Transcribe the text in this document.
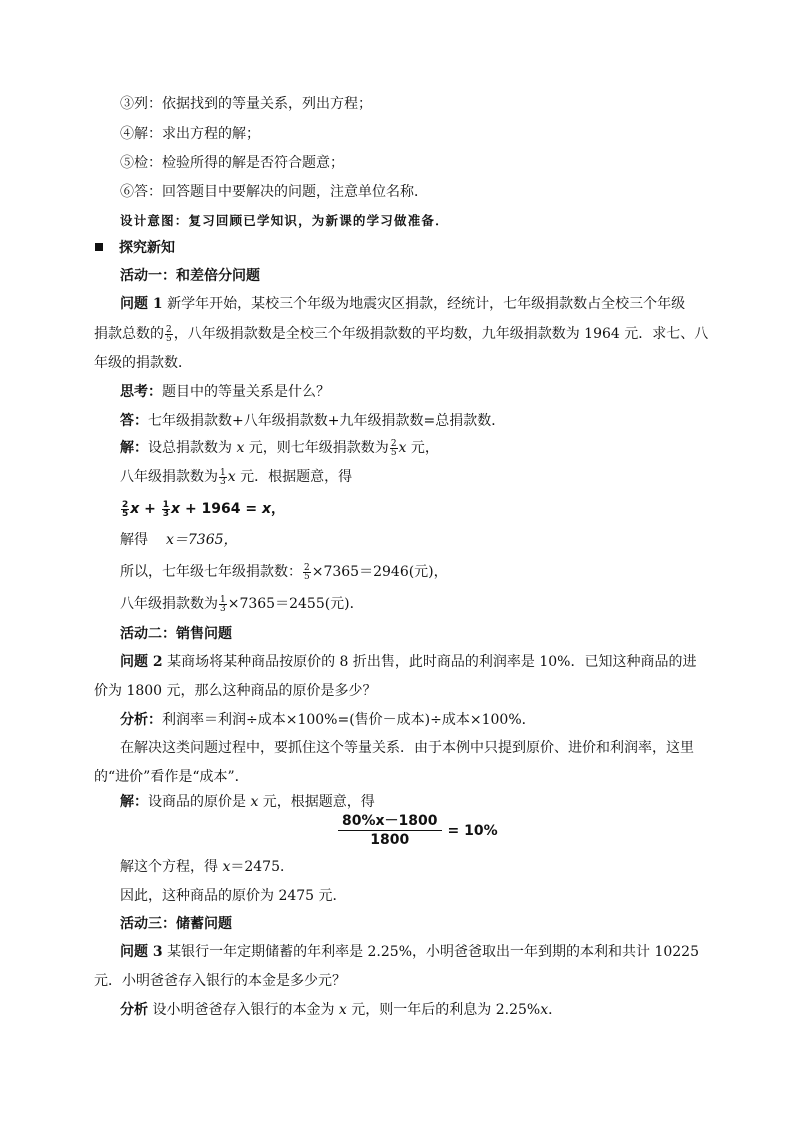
③列：依据找到的等量关系，列出方程；
④解：求出方程的解；
⑤检：检验所得的解是否符合题意；
⑥答：回答题目中要解决的问题，注意单位名称．
设计意图：复习回顾已学知识，为新课的学习做准备．
探究新知
活动一：和差倍分问题
问题 1 新学年开始，某校三个年级为地震灾区捐款，经统计，七年级捐款数占全校三个年级
捐款总数的 $\frac{2}{5}$ ，八年级捐款数是全校三个年级捐款数的平均数，九年级捐款数为 1964 元．求七、八
年级的捐款数．
思考：题目中的等量关系是什么？
答：七年级捐款数+八年级捐款数+九年级捐款数=总捐款数．
解：设总捐款数为 x 元，则七年级捐款数为 $\frac{2}{5}$ x 元，
八年级捐款数为 $\frac{1}{3}$ x 元．根据题意，得
$\frac{2}{5}$ $x + \frac{1}{3}$ x + 1964 = x，
解得 x＝7365，
所以，七年级七年级捐款数： $\frac{2}{5} \times 7365=2946$(元)，
八年级捐款数为 $\frac{1}{3} \times 7365=2455$(元)．
活动二：销售问题
问题 2 某商场将某种商品按原价的 8 折出售，此时商品的利润率是 10%．已知这种商品的进
价为 1800 元，那么这种商品的原价是多少？
分析：利润率＝利润÷成本×100%=(售价－成本)÷成本×100%．
在解决这类问题过程中，要抓住这个等量关系．由于本例中只提到原价、进价和利润率，这里
的“进价”看作是“成本”．
解：设商品的原价是 x 元，根据题意，得
$\frac{80\%x-1800}{1800} = 10\%$
解这个方程，得 x＝2475．
因此，这种商品的原价为 2475 元．
活动三：储蓄问题
问题 3 某银行一年定期储蓄的年利率是 2.25%，小明爸爸取出一年到期的本利和共计 10225
元．小明爸爸存入银行的本金是多少元？
分析 设小明爸爸存入银行的本金为 x 元，则一年后的利息为 2.25%x．
